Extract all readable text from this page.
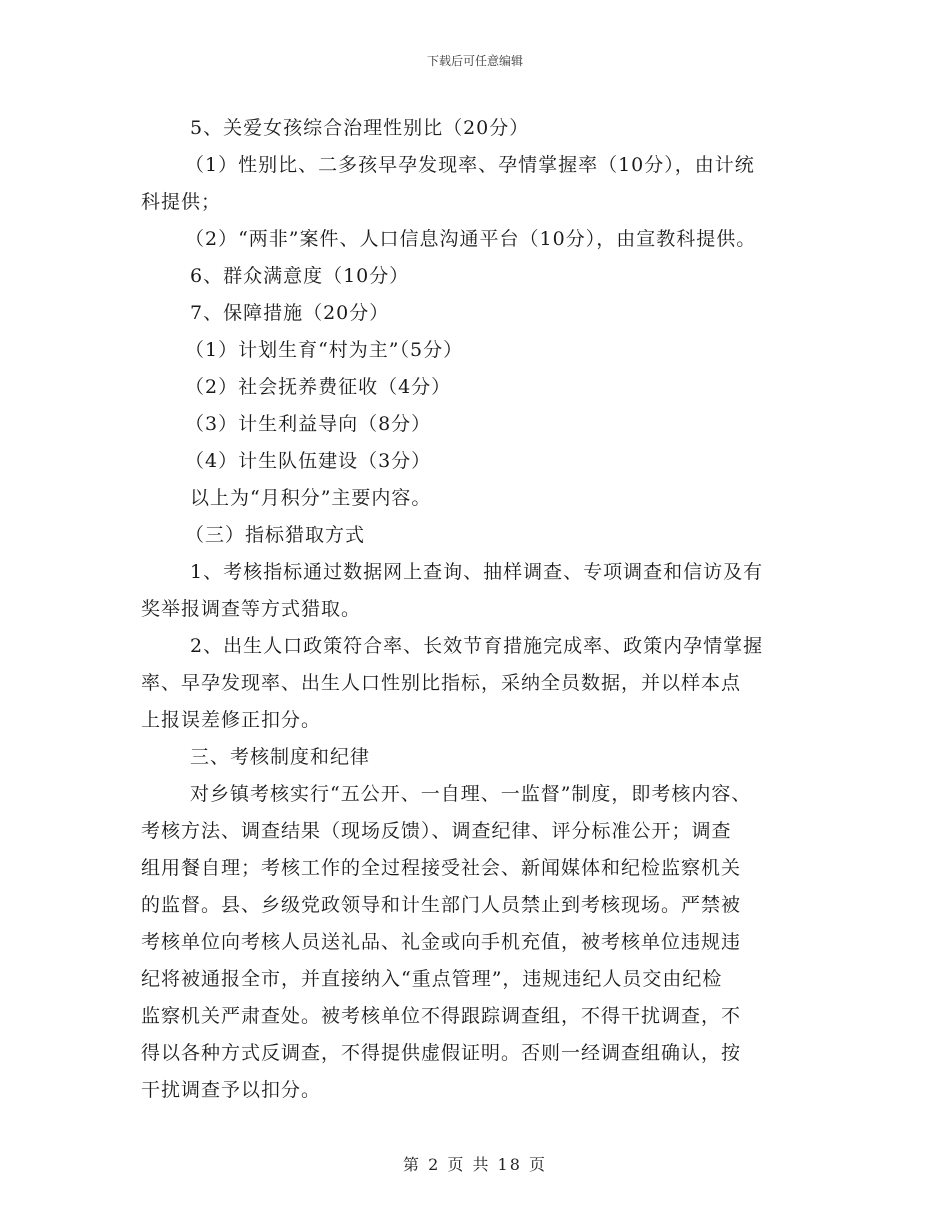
下载后可任意编辑
5、关爱女孩综合治理性别比（20分）
（1）性别比、二多孩早孕发现率、孕情掌握率（10分），由计统
科提供；
（2）“两非”案件、人口信息沟通平台（10分），由宣教科提供。
6、群众满意度（10分）
7、保障措施（20分）
（1）计划生育“村为主”（5分）
（2）社会抚养费征收（4分）
（3）计生利益导向（8分）
（4）计生队伍建设（3分）
以上为“月积分”主要内容。
（三）指标猎取方式
1、考核指标通过数据网上查询、抽样调查、专项调查和信访及有
奖举报调查等方式猎取。
2、出生人口政策符合率、长效节育措施完成率、政策内孕情掌握
率、早孕发现率、出生人口性别比指标，采纳全员数据，并以样本点
上报误差修正扣分。
三、考核制度和纪律
对乡镇考核实行“五公开、一自理、一监督”制度，即考核内容、
考核方法、调查结果（现场反馈）、调查纪律、评分标准公开；调查
组用餐自理；考核工作的全过程接受社会、新闻媒体和纪检监察机关
的监督。县、乡级党政领导和计生部门人员禁止到考核现场。严禁被
考核单位向考核人员送礼品、礼金或向手机充值，被考核单位违规违
纪将被通报全市，并直接纳入“重点管理”，违规违纪人员交由纪检
监察机关严肃查处。被考核单位不得跟踪调查组，不得干扰调查，不
得以各种方式反调查，不得提供虚假证明。否则一经调查组确认，按
干扰调查予以扣分。
第 2 页 共 18 页
